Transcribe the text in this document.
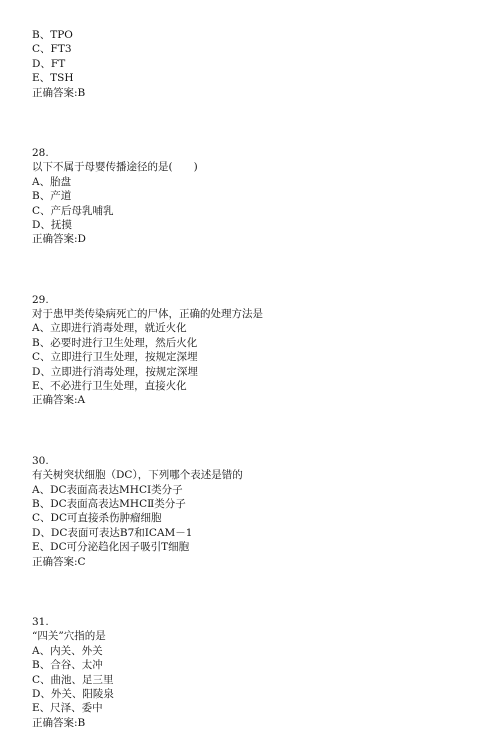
B、TPO
C、FT3
D、FT
E、TSH
正确答案:B
28.
以下不属于母婴传播途径的是(　　)
A、胎盘
B、产道
C、产后母乳哺乳
D、抚摸
正确答案:D
29.
对于患甲类传染病死亡的尸体，正确的处理方法是
A、立即进行消毒处理，就近火化
B、必要时进行卫生处理，然后火化
C、立即进行卫生处理，按规定深埋
D、立即进行消毒处理，按规定深埋
E、不必进行卫生处理，直接火化
正确答案:A
30.
有关树突状细胞（DC），下列哪个表述是错的
A、DC表面高表达MHCⅠ类分子
B、DC表面高表达MHCⅡ类分子
C、DC可直接杀伤肿瘤细胞
D、DC表面可表达B7和ICAM－1
E、DC可分泌趋化因子吸引T细胞
正确答案:C
31.
“四关”穴指的是
A、内关、外关
B、合谷、太冲
C、曲池、足三里
D、外关、阳陵泉
E、尺泽、委中
正确答案:B
